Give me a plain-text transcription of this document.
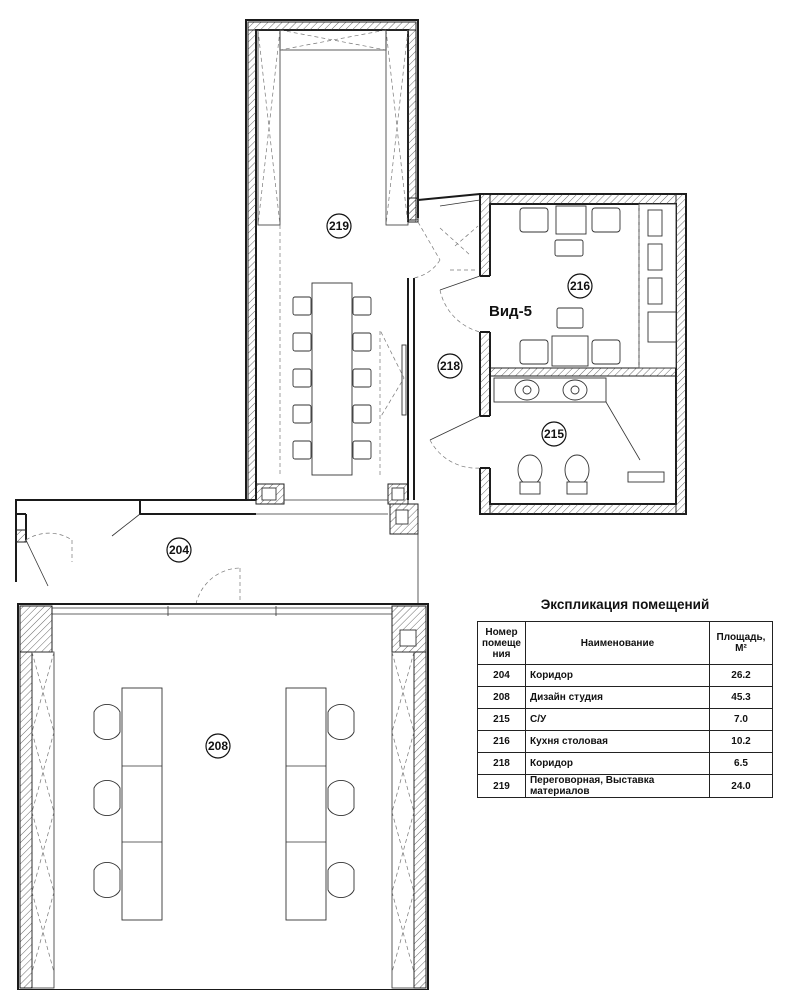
219
216
218
215
204
208
Вид-5
Экспликация помещений
Номер помеще ния	Наименование	Площадь, М²

204	Коридор	26.2
208	Дизайн студия	45.3
215	С/У	7.0
216	Кухня столовая	10.2
218	Коридор	6.5
219	Переговорная, Выставка материалов	24.0
